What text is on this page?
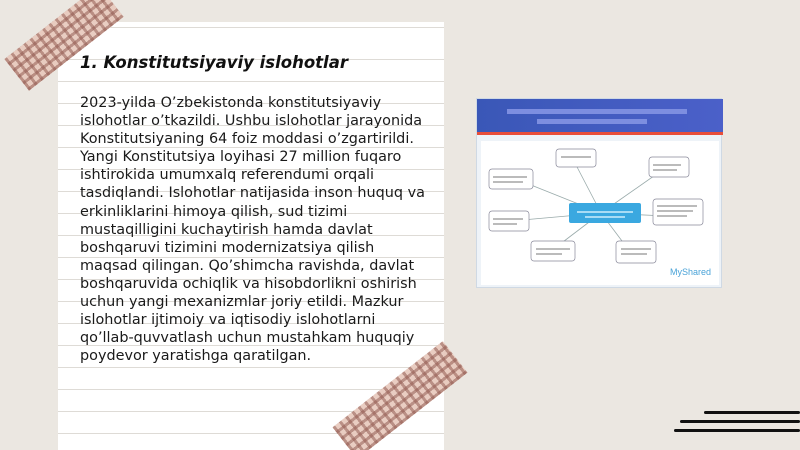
1. Konstitutsiyaviy islohotlar
2023-yilda O’zbekistonda konstitutsiyaviy islohotlar o’tkazildi. Ushbu islohotlar jarayonida Konstitutsiyaning 64 foiz moddasi o’zgartirildi. Yangi Konstitutsiya loyihasi 27 million fuqaro ishtirokida umumxalq referendumi orqali tasdiqlandi. Islohotlar natijasida inson huquq va erkinliklarini himoya qilish, sud tizimi mustaqilligini kuchaytirish hamda davlat boshqaruvi tizimini modernizatsiya qilish maqsad qilingan. Qo’shimcha ravishda, davlat boshqaruvida ochiqlik va hisobdorlikni oshirish uchun yangi mexanizmlar joriy etildi. Mazkur islohotlar ijtimoiy va iqtisodiy islohotlarni qo’llab-quvvatlash uchun mustahkam huquqiy poydevor yaratishga qaratilgan.
MyShared
